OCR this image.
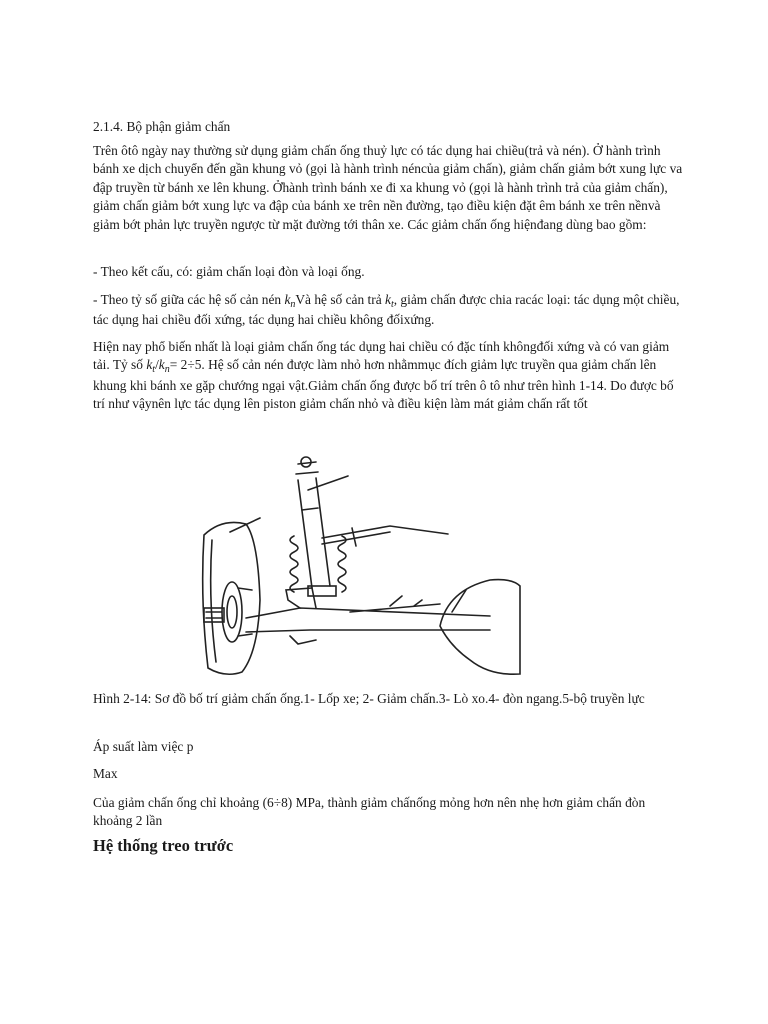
2.1.4. Bộ phận giảm chấn

Trên ôtô ngày nay thường sử dụng giảm chấn ống thuỷ lực có tác dụng hai chiều(trả và nén). Ở hành trình bánh xe dịch chuyển đến gần khung vỏ (gọi là hành trình néncủa giảm chấn), giảm chấn giảm bớt xung lực va đập truyền từ bánh xe lên khung. Ởhành trình bánh xe đi xa khung vỏ (gọi là hành trình trả của giảm chấn), giảm chấn giảm bớt xung lực va đập của bánh xe trên nền đường, tạo điều kiện đặt êm bánh xe trên nềnvà giảm bớt phản lực truyền ngược từ mặt đường tới thân xe. Các giảm chấn ống hiệnđang dùng bao gồm:

- Theo kết cấu, có: giảm chấn loại đòn và loại ống.

- Theo tỷ số giữa các hệ số cản nén $k_nVà$ hệ số cản trả $k_t$, giảm chấn được chia racác loại: tác dụng một chiều, tác dụng hai chiều đối xứng, tác dụng hai chiều không đốixứng.

Hiện nay phổ biến nhất là loại giảm chấn ống tác dụng hai chiều có đặc tính khôngđối xứng và có van giảm tải. Tỷ số $k_t/k_n= 2\div 5$. Hệ số cản nén được làm nhỏ hơn nhằmmục đích giảm lực truyền qua giảm chấn lên khung khi bánh xe gặp chướng ngại vật.Giảm chấn ống được bố trí trên ô tô như trên hình 1-14. Do được bố trí như vậynên lực tác dụng lên piston giảm chấn nhỏ và điều kiện làm mát giảm chấn rất tốt

Hình 2-14: Sơ đồ bố trí giảm chấn ống.1- Lốp xe; 2- Giảm chấn.3- Lò xo.4- đòn ngang.5-bộ truyền lực

Áp suất làm việc p

Max

Của giảm chấn ống chỉ khoảng (6÷8) MPa, thành giảm chấnống mỏng hơn nên nhẹ hơn giảm chấn đòn khoảng 2 lần

Hệ thống treo trước
